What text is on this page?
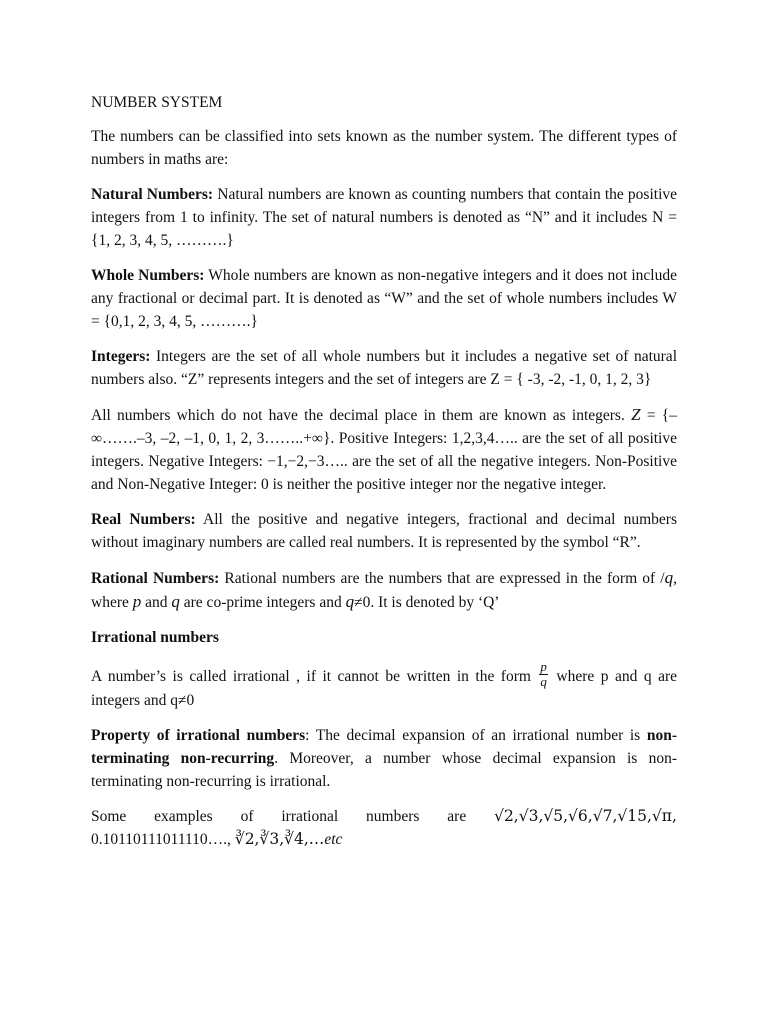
NUMBER SYSTEM

The numbers can be classified into sets known as the number system. The different types of numbers in maths are:

Natural Numbers: Natural numbers are known as counting numbers that contain the positive integers from 1 to infinity. The set of natural numbers is denoted as “N” and it includes N = {1, 2, 3, 4, 5, ……….}

Whole Numbers: Whole numbers are known as non-negative integers and it does not include any fractional or decimal part. It is denoted as “W” and the set of whole numbers includes W = {0,1, 2, 3, 4, 5, ……….}

Integers: Integers are the set of all whole numbers but it includes a negative set of natural numbers also. “Z” represents integers and the set of integers are Z = { -3, -2, -1, 0, 1, 2, 3}

All numbers which do not have the decimal place in them are known as integers. Z = {–∞…….–3, –2, –1, 0, 1, 2, 3……..+∞}. Positive Integers: 1,2,3,4….. are the set of all positive integers. Negative Integers: −1,−2,−3….. are the set of all the negative integers. Non-Positive and Non-Negative Integer: 0 is neither the positive integer nor the negative integer.

Real Numbers: All the positive and negative integers, fractional and decimal numbers without imaginary numbers are called real numbers. It is represented by the symbol “R”.

Rational Numbers: Rational numbers are the numbers that are expressed in the form of /q, where p and q are co-prime integers and q≠0. It is denoted by ‘Q’

Irrational numbers

A number’s is called irrational , if it cannot be written in the form $\frac{p}{q}$ where p and q are integers and q≠0

Property of irrational numbers: The decimal expansion of an irrational number is non-terminating non-recurring. Moreover, a number whose decimal expansion is non-terminating non-recurring is irrational.

Some examples of irrational numbers are √2,√3,√5,√6,√7,√15,√π,
0.10110111011110…., ∛2,∛3,∛4,…etc
